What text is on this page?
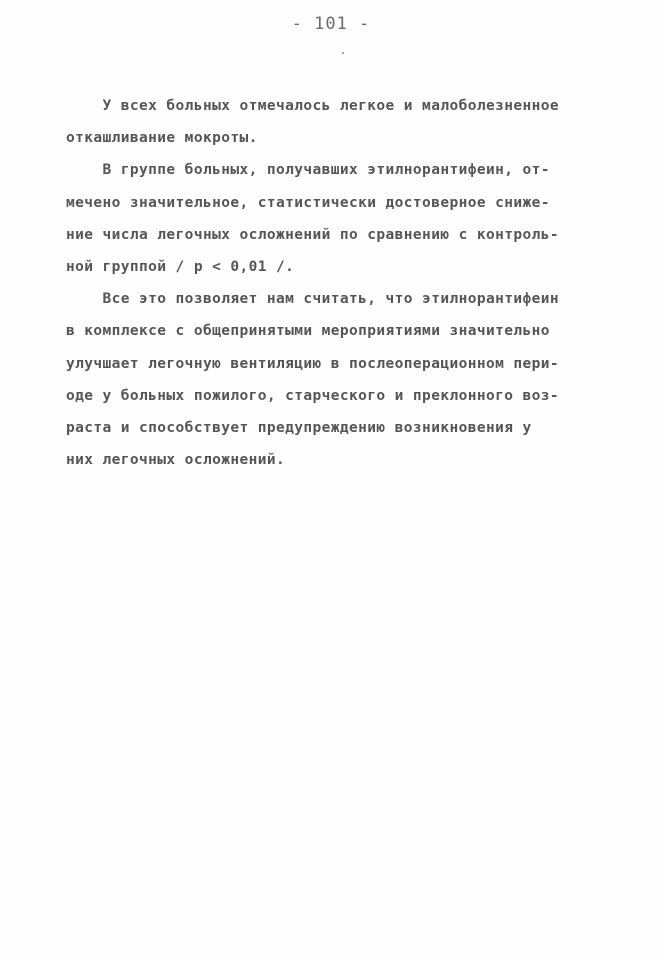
- 101 -
У всех больных отмечалось легкое и малоболезненное
откашливание мокроты.
В группе больных, получавших этилнорантифеин, от-
мечено значительное, статистически достоверное сниже-
ние числа легочных осложнений по сравнению с контроль-
ной группой / р < 0,01 /.
Все это позволяет нам считать, что этилнорантифеин
в комплексе с общепринятыми мероприятиями значительно
улучшает легочную вентиляцию в послеоперационном пери-
оде у больных пожилого, старческого и преклонного воз-
раста и способствует предупреждению возникновения у
них легочных осложнений.
